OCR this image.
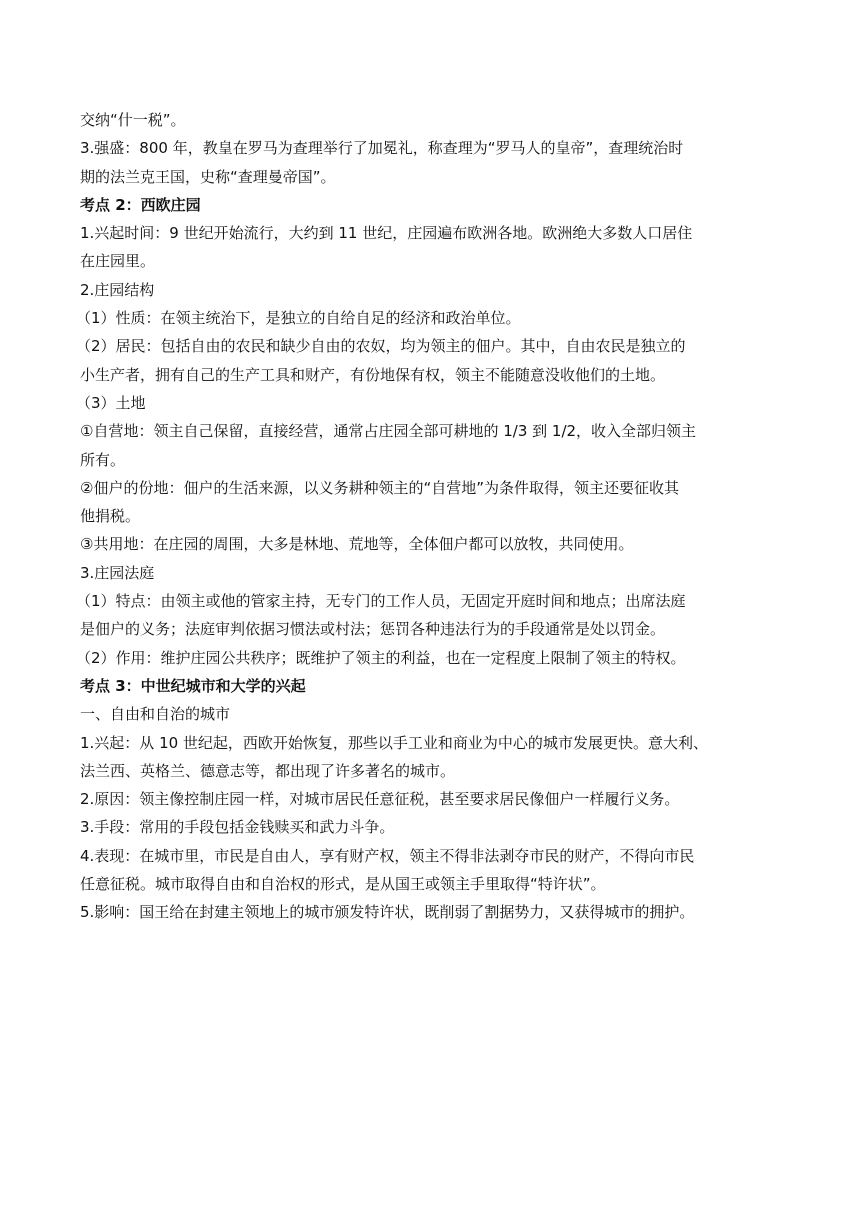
交纳“什一税”。
3.强盛：800 年，教皇在罗马为查理举行了加冕礼，称查理为“罗马人的皇帝”，查理统治时
期的法兰克王国，史称“查理曼帝国”。
考点 2：西欧庄园
1.兴起时间：9 世纪开始流行，大约到 11 世纪，庄园遍布欧洲各地。欧洲绝大多数人口居住
在庄园里。
2.庄园结构
（1）性质：在领主统治下，是独立的自给自足的经济和政治单位。
（2）居民：包括自由的农民和缺少自由的农奴，均为领主的佃户。其中，自由农民是独立的
小生产者，拥有自己的生产工具和财产，有份地保有权，领主不能随意没收他们的土地。
（3）土地
①自营地：领主自己保留，直接经营，通常占庄园全部可耕地的 1/3 到 1/2，收入全部归领主
所有。
②佃户的份地：佃户的生活来源，以义务耕种领主的“自营地”为条件取得，领主还要征收其
他捐税。
③共用地：在庄园的周围，大多是林地、荒地等，全体佃户都可以放牧，共同使用。
3.庄园法庭
（1）特点：由领主或他的管家主持，无专门的工作人员，无固定开庭时间和地点；出席法庭
是佃户的义务；法庭审判依据习惯法或村法；惩罚各种违法行为的手段通常是处以罚金。
（2）作用：维护庄园公共秩序；既维护了领主的利益，也在一定程度上限制了领主的特权。
考点 3：中世纪城市和大学的兴起
一、自由和自治的城市
1.兴起：从 10 世纪起，西欧开始恢复，那些以手工业和商业为中心的城市发展更快。意大利、
法兰西、英格兰、德意志等，都出现了许多著名的城市。
2.原因：领主像控制庄园一样，对城市居民任意征税，甚至要求居民像佃户一样履行义务。
3.手段：常用的手段包括金钱赎买和武力斗争。
4.表现：在城市里，市民是自由人，享有财产权，领主不得非法剥夺市民的财产，不得向市民
任意征税。城市取得自由和自治权的形式，是从国王或领主手里取得“特许状”。
5.影响：国王给在封建主领地上的城市颁发特许状，既削弱了割据势力，又获得城市的拥护。
